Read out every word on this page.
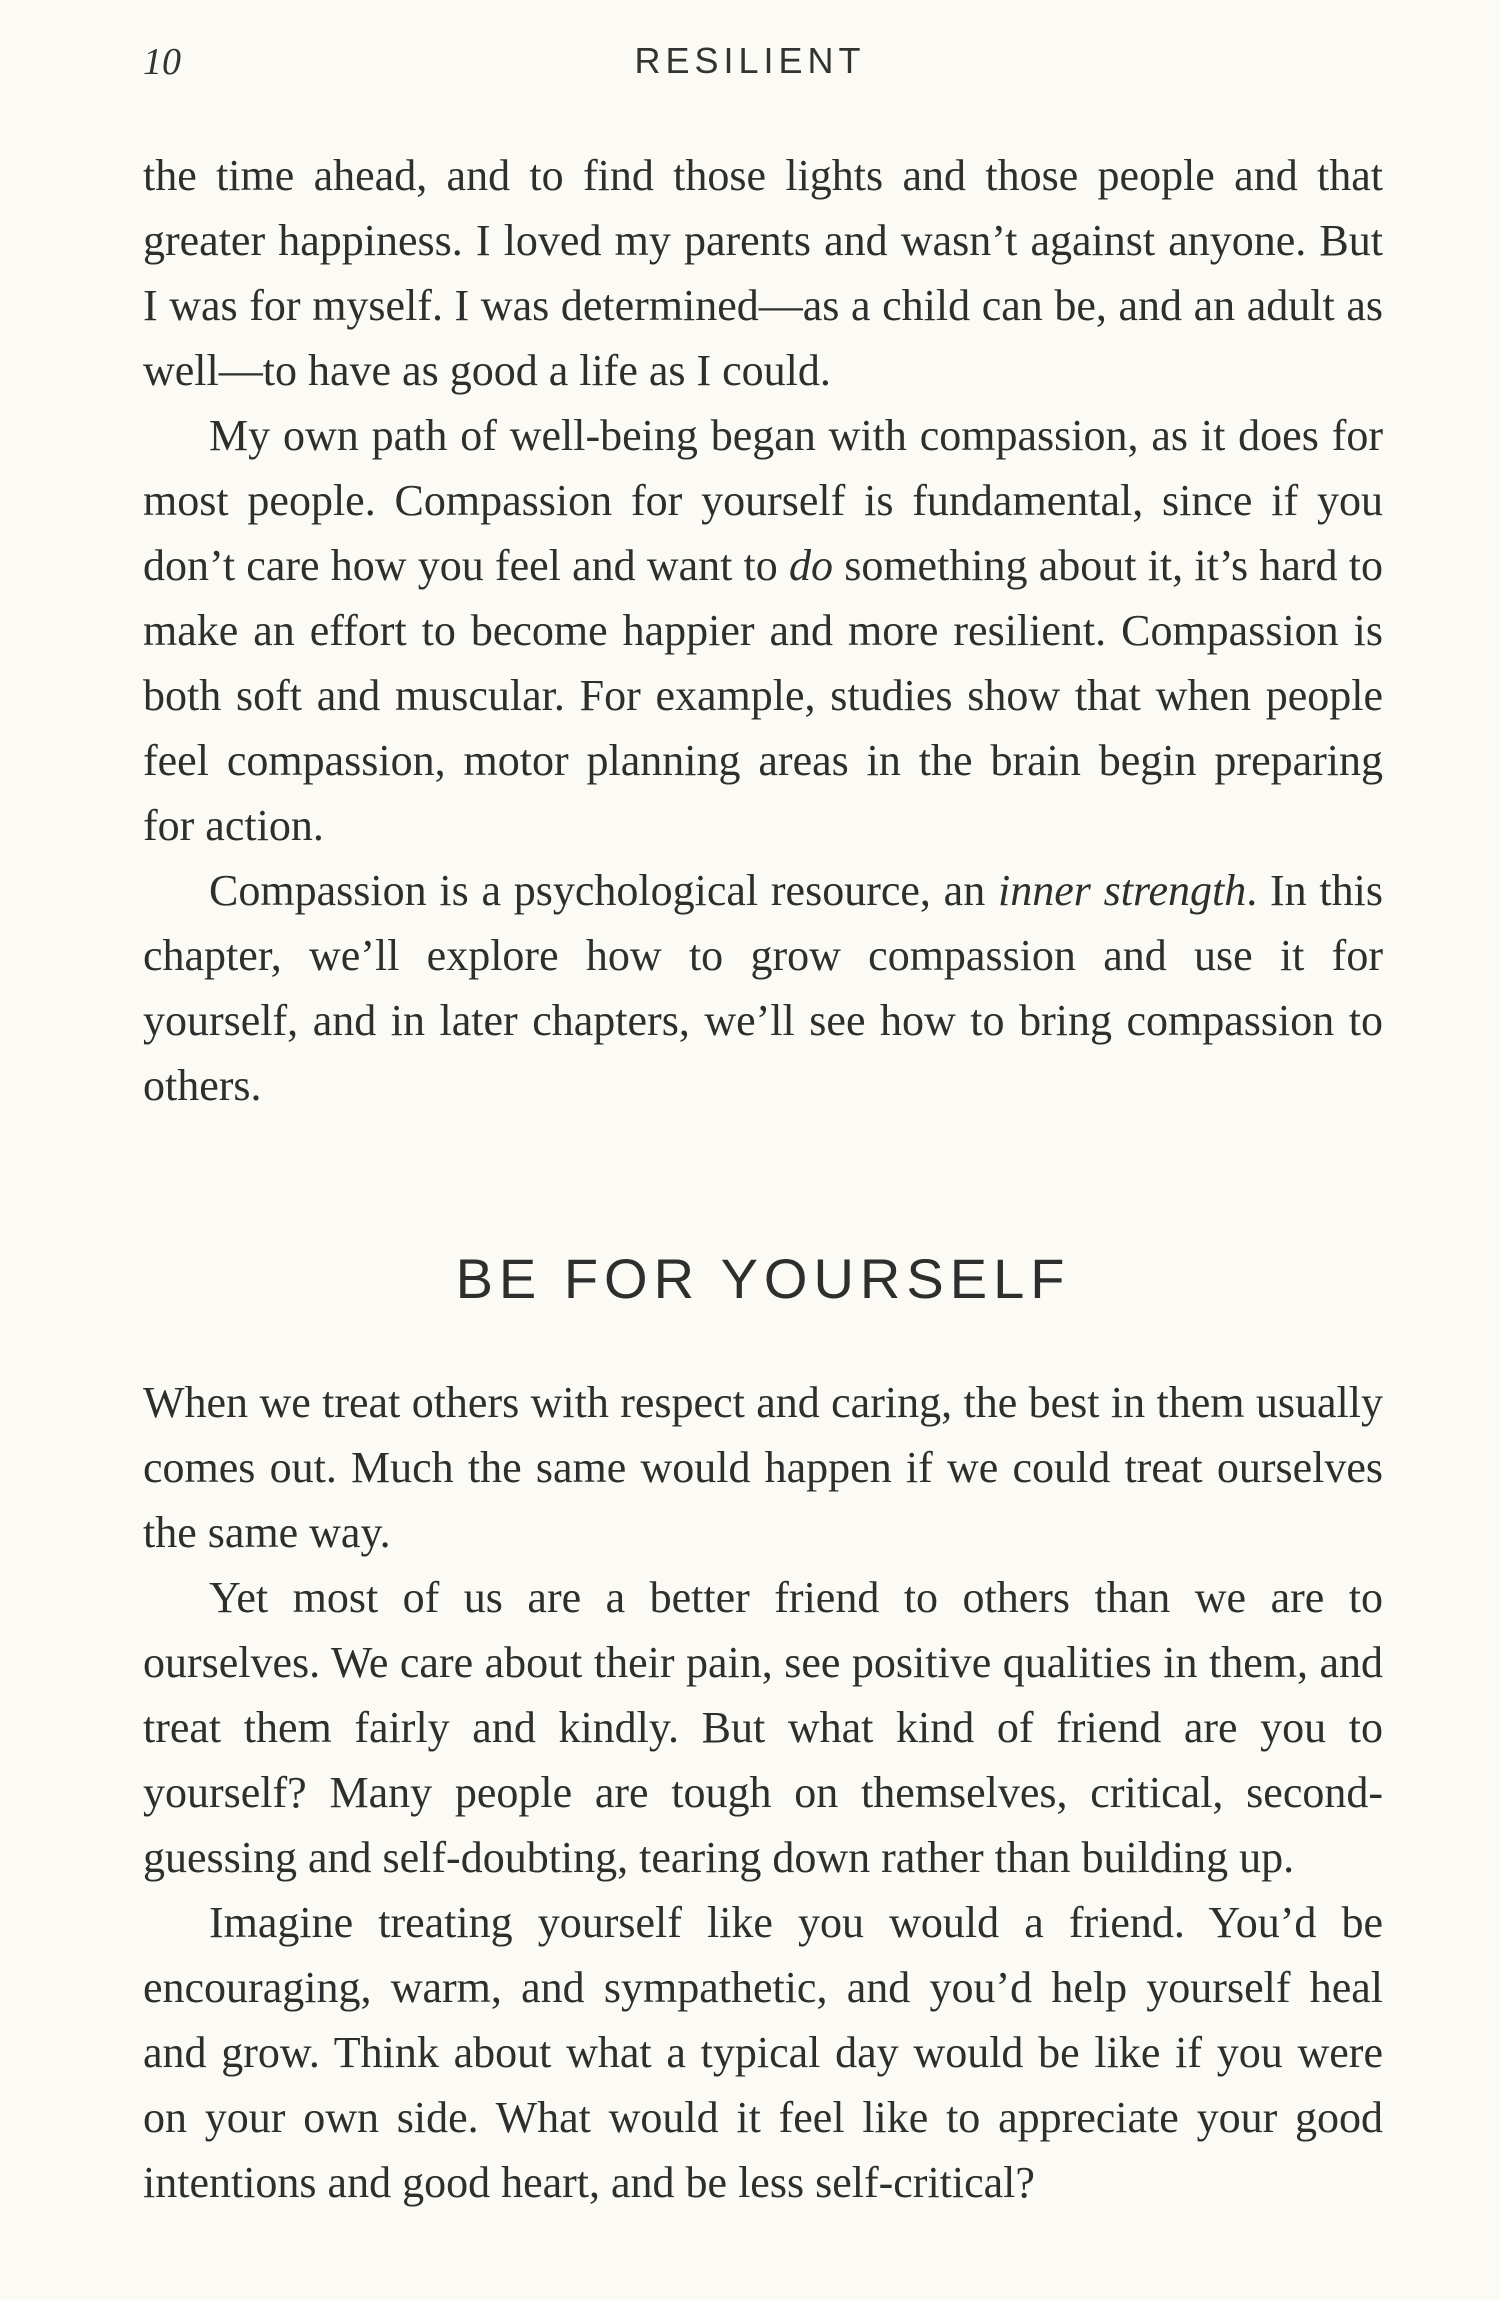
10	RESILIENT

the time ahead, and to find those lights and those people and that greater happiness. I loved my parents and wasn’t against anyone. But I was for myself. I was determined—as a child can be, and an adult as well—to have as good a life as I could.

My own path of well-being began with compassion, as it does for most people. Compassion for yourself is fundamental, since if you don’t care how you feel and want to do something about it, it’s hard to make an effort to become happier and more resilient. Compassion is both soft and muscular. For example, studies show that when people feel compassion, motor planning areas in the brain begin preparing for action.

Compassion is a psychological resource, an inner strength. In this chapter, we’ll explore how to grow compassion and use it for yourself, and in later chapters, we’ll see how to bring compassion to others.

BE FOR YOURSELF

When we treat others with respect and caring, the best in them usually comes out. Much the same would happen if we could treat ourselves the same way.

Yet most of us are a better friend to others than we are to ourselves. We care about their pain, see positive qualities in them, and treat them fairly and kindly. But what kind of friend are you to yourself? Many people are tough on themselves, critical, second-guessing and self-doubting, tearing down rather than building up.

Imagine treating yourself like you would a friend. You’d be encouraging, warm, and sympathetic, and you’d help yourself heal and grow. Think about what a typical day would be like if you were on your own side. What would it feel like to appreciate your good intentions and good heart, and be less self-critical?
